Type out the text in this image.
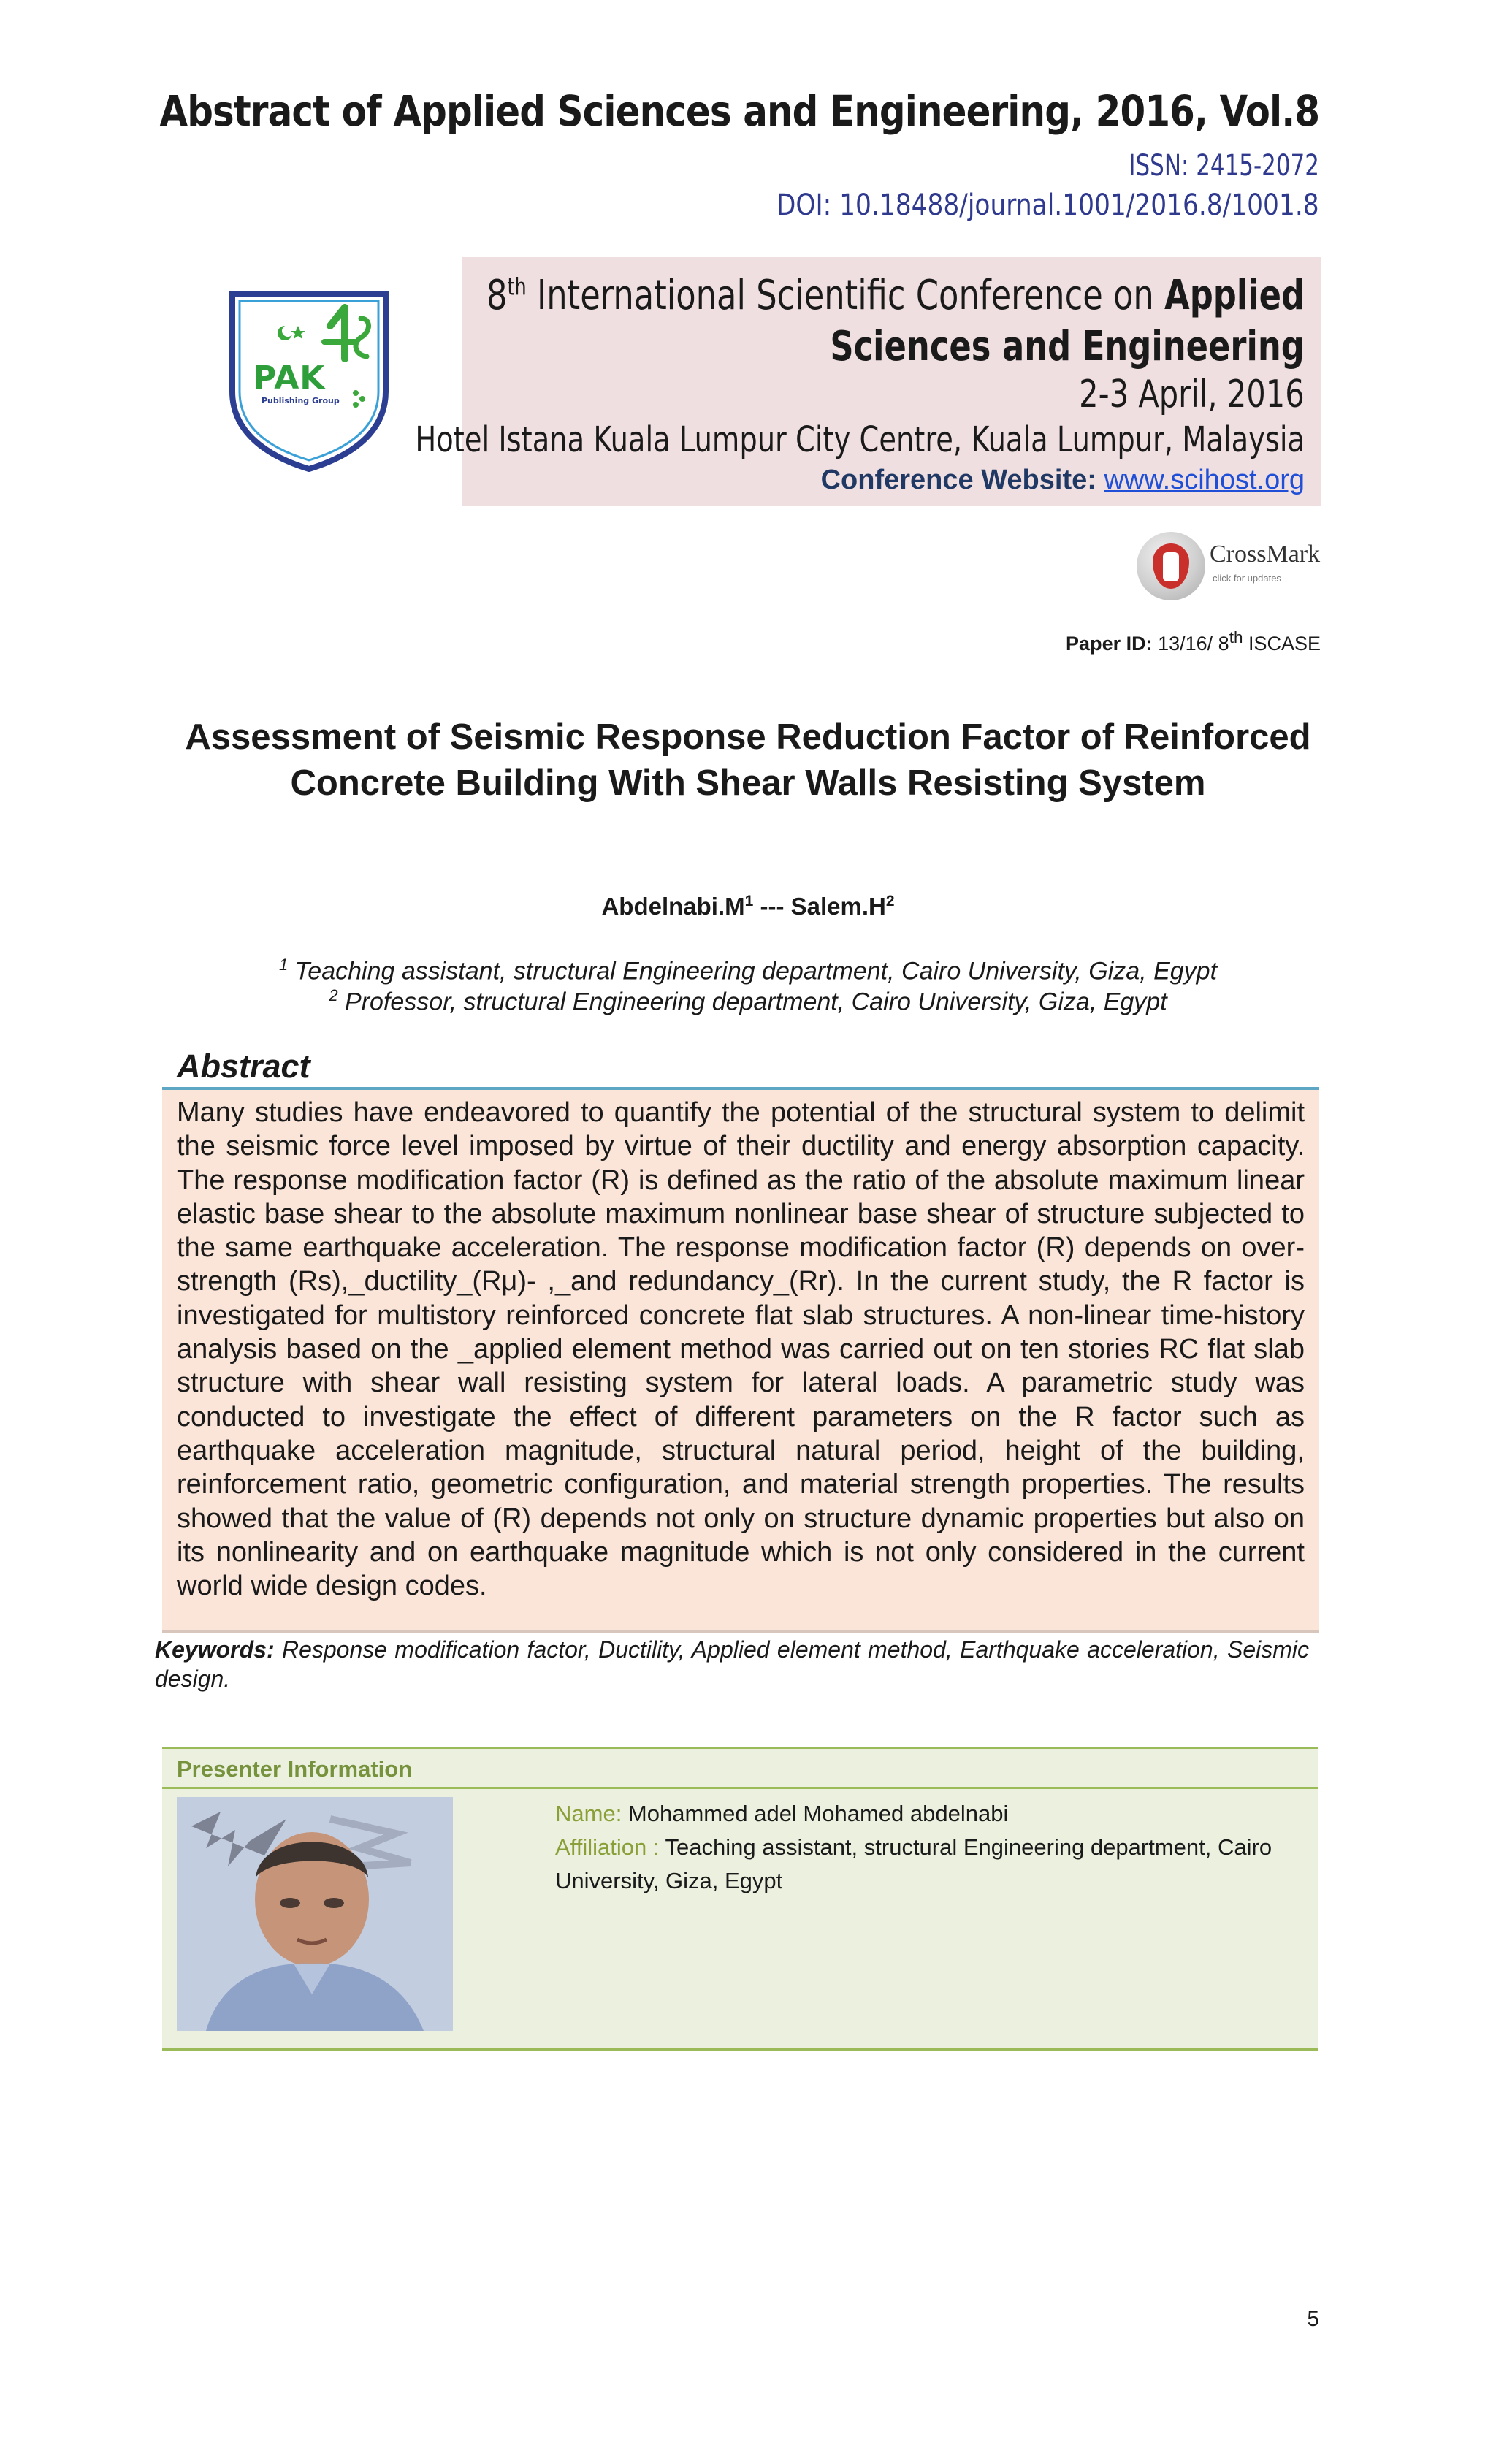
Abstract of Applied Sciences and Engineering, 2016, Vol.8
ISSN: 2415-2072
DOI: 10.18488/journal.1001/2016.8/1001.8
PAK
Publishing Group
8th International Scientific Conference on Applied
Sciences and Engineering
2-3 April, 2016
Hotel Istana Kuala Lumpur City Centre, Kuala Lumpur, Malaysia
Conference Website: www.scihost.org
CrossMark
click for updates
Paper ID: 13/16/ 8th ISCASE
Assessment of Seismic Response Reduction Factor of Reinforced Concrete Building With Shear Walls Resisting System
$Abdelnabi.M^1$ --- $Salem.H^2$
$^1$ Teaching assistant, structural Engineering department, Cairo University, Giza, Egypt
$^2$ Professor, structural Engineering department, Cairo University, Giza, Egypt
Abstract
Many studies have endeavored to quantify the potential of the structural system to delimit the seismic force level imposed by virtue of their ductility and energy absorption capacity. The response modification factor (R) is defined as the ratio of the absolute maximum linear elastic base shear to the absolute maximum nonlinear base shear of structure subjected to the same earthquake acceleration. The response modification factor (R) depends on over-strength (Rs),_ductility_(Rμ)- ,_and redundancy_(Rr). In the current study, the R factor is investigated for multistory reinforced concrete flat slab structures. A non-linear time-history analysis based on the _applied element method was carried out on ten stories RC flat slab structure with shear wall resisting system for lateral loads. A parametric study was conducted to investigate the effect of different parameters on the R factor such as earthquake acceleration magnitude, structural natural period, height of the building, reinforcement ratio, geometric configuration, and material strength properties. The results showed that the value of (R) depends not only on structure dynamic properties but also on its nonlinearity and on earthquake magnitude which is not only considered in the current world wide design codes.
Keywords: Response modification factor, Ductility, Applied element method, Earthquake acceleration, Seismic design.
Presenter Information
Name: Mohammed adel Mohamed abdelnabi
Affiliation : Teaching assistant, structural Engineering department, Cairo University, Giza, Egypt
5
